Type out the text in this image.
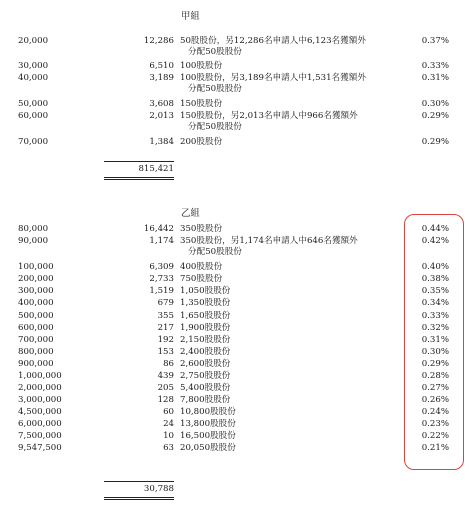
甲組
20,000	12,286 50股股份，另12,286名申請人中6,123名獲額外	0.37%
分配50股股份
30,000	6,510 100股股份	0.33%
40,000	3,189 100股股份，另3,189名申請人中1,531名獲額外	0.31%
分配50股股份
50,000	3,608 150股股份	0.30%
60,000	2,013 150股股份，另2,013名申請人中966名獲額外	0.29%
分配50股股份
70,000	1,384 200股股份	0.29%
815,421
乙組
80,000	16,442 350股股份	0.44%
90,000	1,174 350股股份，另1,174名申請人中646名獲額外	0.42%
分配50股股份
100,000	6,309 400股股份	0.40%
200,000	2,733 750股股份	0.38%
300,000	1,519 1,050股股份	0.35%
400,000	679 1,350股股份	0.34%
500,000	355 1,650股股份	0.33%
600,000	217 1,900股股份	0.32%
700,000	192 2,150股股份	0.31%
800,000	153 2,400股股份	0.30%
900,000	86 2,600股股份	0.29%
1,000,000	439 2,750股股份	0.28%
2,000,000	205 5,400股股份	0.27%
3,000,000	128 7,800股股份	0.26%
4,500,000	60 10,800股股份	0.24%
6,000,000	24 13,800股股份	0.23%
7,500,000	10 16,500股股份	0.22%
9,547,500	63 20,050股股份	0.21%
30,788
